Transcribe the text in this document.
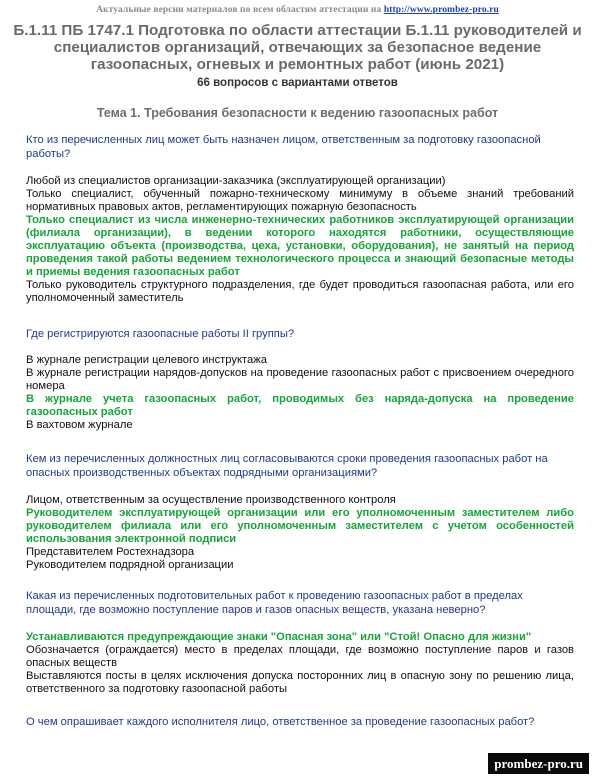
Актуальные версии материалов по всем областям аттестации на http://www.prombez-pro.ru
Б.1.11 ПБ 1747.1 Подготовка по области аттестации Б.1.11 руководителей и специалистов организаций, отвечающих за безопасное ведение газоопасных, огневых и ремонтных работ (июнь 2021)
66 вопросов с вариантами ответов
Тема 1. Требования безопасности к ведению газоопасных работ
Кто из перечисленных лиц может быть назначен лицом, ответственным за подготовку газоопасной работы?
Любой из специалистов организации-заказчика (эксплуатирующей организации)
Только специалист, обученный пожарно-техническому минимуму в объеме знаний требований нормативных правовых актов, регламентирующих пожарную безопасность
Только специалист из числа инженерно-технических работников эксплуатирующей организации (филиала организации), в ведении которого находятся работники, осуществляющие эксплуатацию объекта (производства, цеха, установки, оборудования), не занятый на период проведения такой работы ведением технологического процесса и знающий безопасные методы и приемы ведения газоопасных работ
Только руководитель структурного подразделения, где будет проводиться газоопасная работа, или его уполномоченный заместитель
Где регистрируются газоопасные работы II группы?
В журнале регистрации целевого инструктажа
В журнале регистрации нарядов-допусков на проведение газоопасных работ с присвоением очередного номера
В журнале учета газоопасных работ, проводимых без наряда-допуска на проведение газоопасных работ
В вахтовом журнале
Кем из перечисленных должностных лиц согласовываются сроки проведения газоопасных работ на опасных производственных объектах подрядными организациями?
Лицом, ответственным за осуществление производственного контроля
Руководителем эксплуатирующей организации или его уполномоченным заместителем либо руководителем филиала или его уполномоченным заместителем с учетом особенностей использования электронной подписи
Представителем Ростехнадзора
Руководителем подрядной организации
Какая из перечисленных подготовительных работ к проведению газоопасных работ в пределах площади, где возможно поступление паров и газов опасных веществ, указана неверно?
Устанавливаются предупреждающие знаки "Опасная зона" или "Стой! Опасно для жизни"
Обозначается (ограждается) место в пределах площади, где возможно поступление паров и газов опасных веществ
Выставляются посты в целях исключения допуска посторонних лиц в опасную зону по решению лица, ответственного за подготовку газоопасной работы
О чем опрашивает каждого исполнителя лицо, ответственное за проведение газоопасных работ?
prombez-pro.ru
